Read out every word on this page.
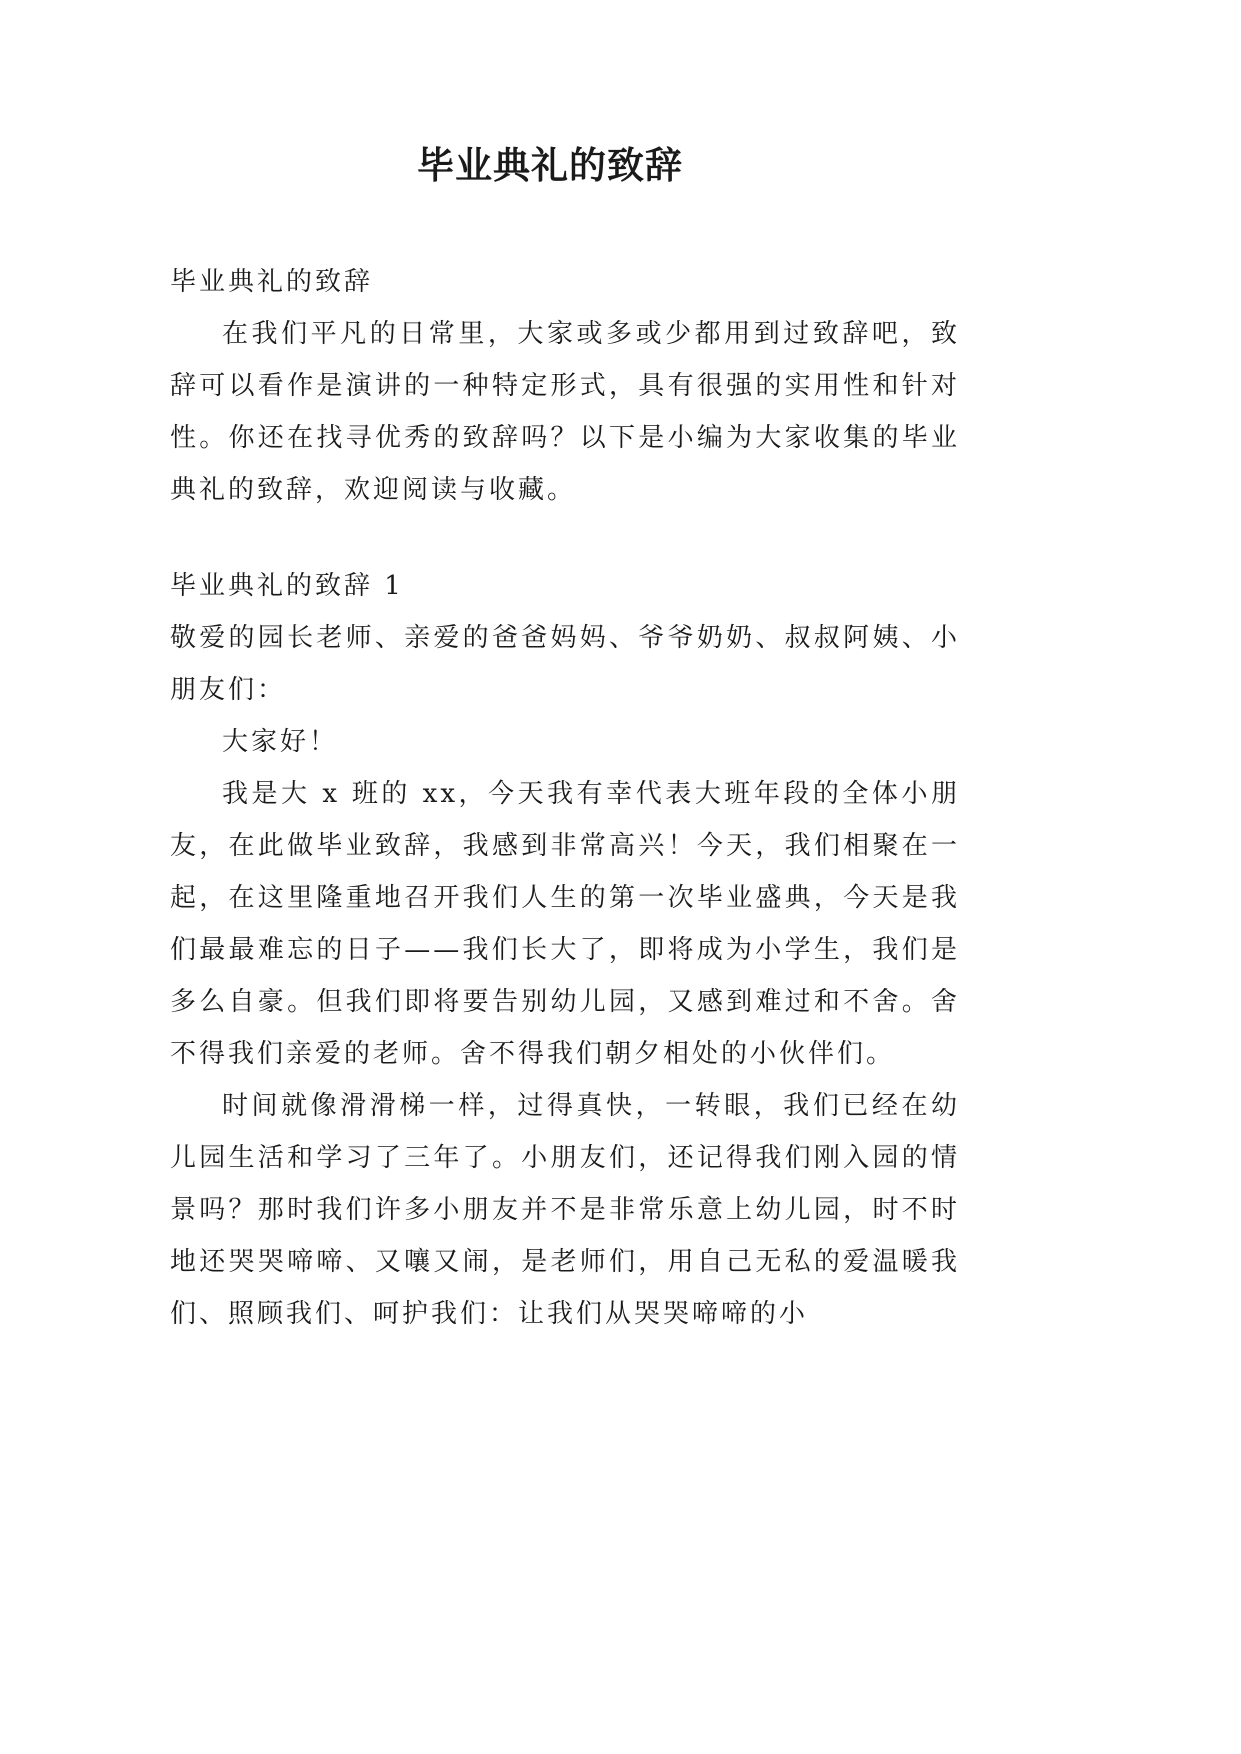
毕业典礼的致辞

毕业典礼的致辞

在我们平凡的日常里，大家或多或少都用到过致辞吧，致辞可以看作是演讲的一种特定形式，具有很强的实用性和针对性。你还在找寻优秀的致辞吗？以下是小编为大家收集的毕业典礼的致辞，欢迎阅读与收藏。

毕业典礼的致辞 1

敬爱的园长老师、亲爱的爸爸妈妈、爷爷奶奶、叔叔阿姨、小朋友们：

大家好！

我是大 x 班的 xx，今天我有幸代表大班年段的全体小朋友，在此做毕业致辞，我感到非常高兴！今天，我们相聚在一起，在这里隆重地召开我们人生的第一次毕业盛典，今天是我们最最难忘的日子——我们长大了，即将成为小学生，我们是多么自豪。但我们即将要告别幼儿园，又感到难过和不舍。舍不得我们亲爱的老师。舍不得我们朝夕相处的小伙伴们。

时间就像滑滑梯一样，过得真快，一转眼，我们已经在幼儿园生活和学习了三年了。小朋友们，还记得我们刚入园的情景吗？那时我们许多小朋友并不是非常乐意上幼儿园，时不时地还哭哭啼啼、又嚷又闹，是老师们，用自己无私的爱温暖我们、照顾我们、呵护我们：让我们从哭哭啼啼的小
